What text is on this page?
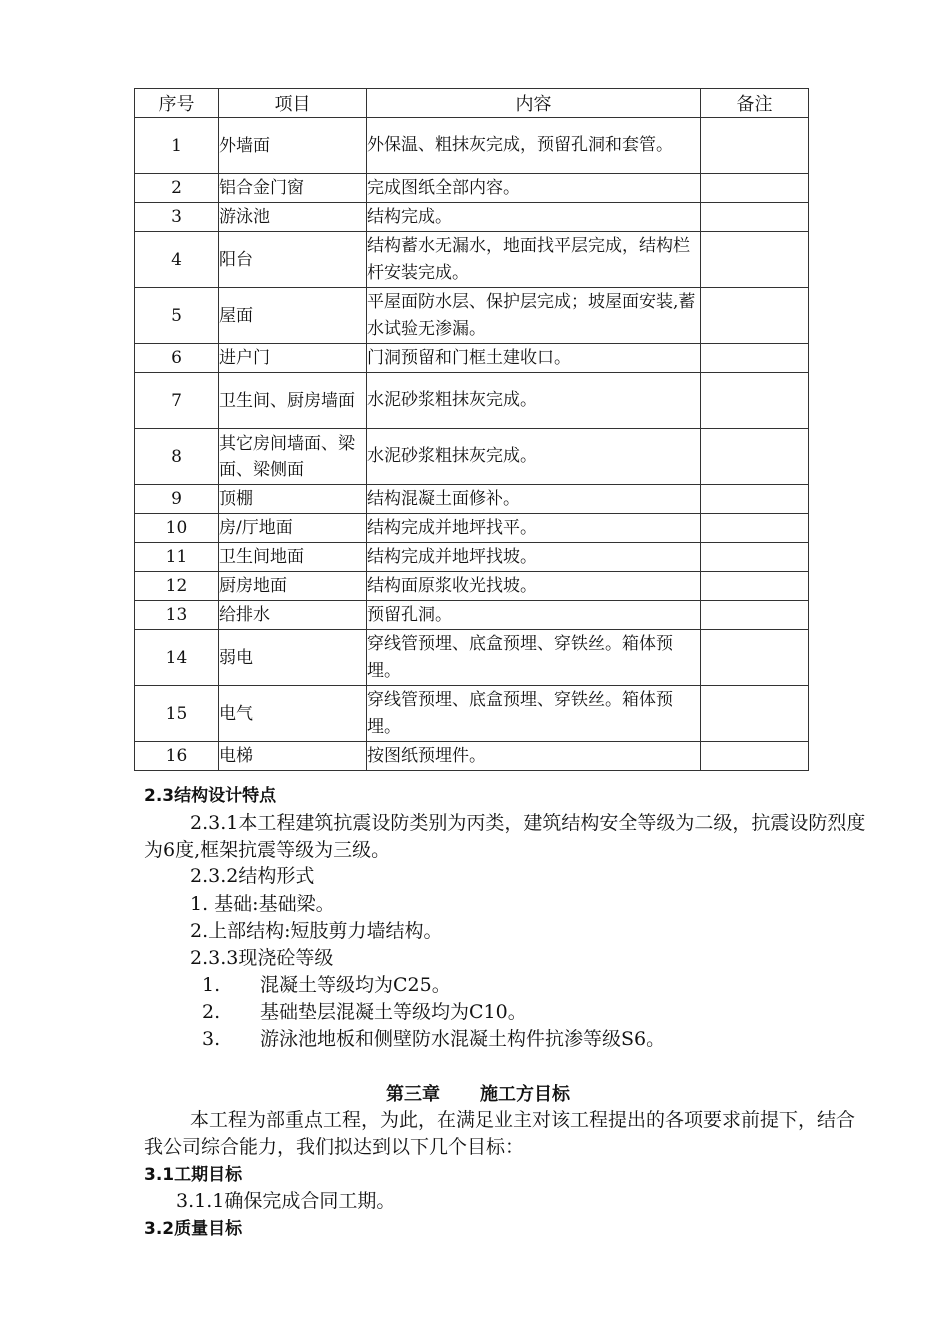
序号	项目	内容	备注
1	外墙面	外保温、粗抹灰完成，预留孔洞和套管。	
2	铝合金门窗	完成图纸全部内容。	
3	游泳池	结构完成。	
4	阳台	结构蓄水无漏水，地面找平层完成，结构栏杆安装完成。	
5	屋面	平屋面防水层、保护层完成；坡屋面安装,蓄水试验无渗漏。	
6	进户门	门洞预留和门框土建收口。	
7	卫生间、厨房墙面	水泥砂浆粗抹灰完成。	
8	其它房间墙面、梁面、梁侧面	水泥砂浆粗抹灰完成。	
9	顶棚	结构混凝土面修补。	
10	房/厅地面	结构完成并地坪找平。	
11	卫生间地面	结构完成并地坪找坡。	
12	厨房地面	结构面原浆收光找坡。	
13	给排水	预留孔洞。	
14	弱电	穿线管预埋、底盒预埋、穿铁丝。箱体预埋。	
15	电气	穿线管预埋、底盒预埋、穿铁丝。箱体预埋。	
16	电梯	按图纸预埋件。	
2.3结构设计特点
2.3.1本工程建筑抗震设防类别为丙类，建筑结构安全等级为二级，抗震设防烈度为6度,框架抗震等级为三级。
2.3.2结构形式
1. 基础:基础梁。
2.上部结构:短肢剪力墙结构。
2.3.3现浇砼等级
1. 混凝土等级均为C25。
2. 基础垫层混凝土等级均为C10。
3. 游泳池地板和侧壁防水混凝土构件抗渗等级S6。
第三章 施工方目标
本工程为部重点工程，为此，在满足业主对该工程提出的各项要求前提下，结合我公司综合能力，我们拟达到以下几个目标：
3.1工期目标
3.1.1确保完成合同工期。
3.2质量目标
